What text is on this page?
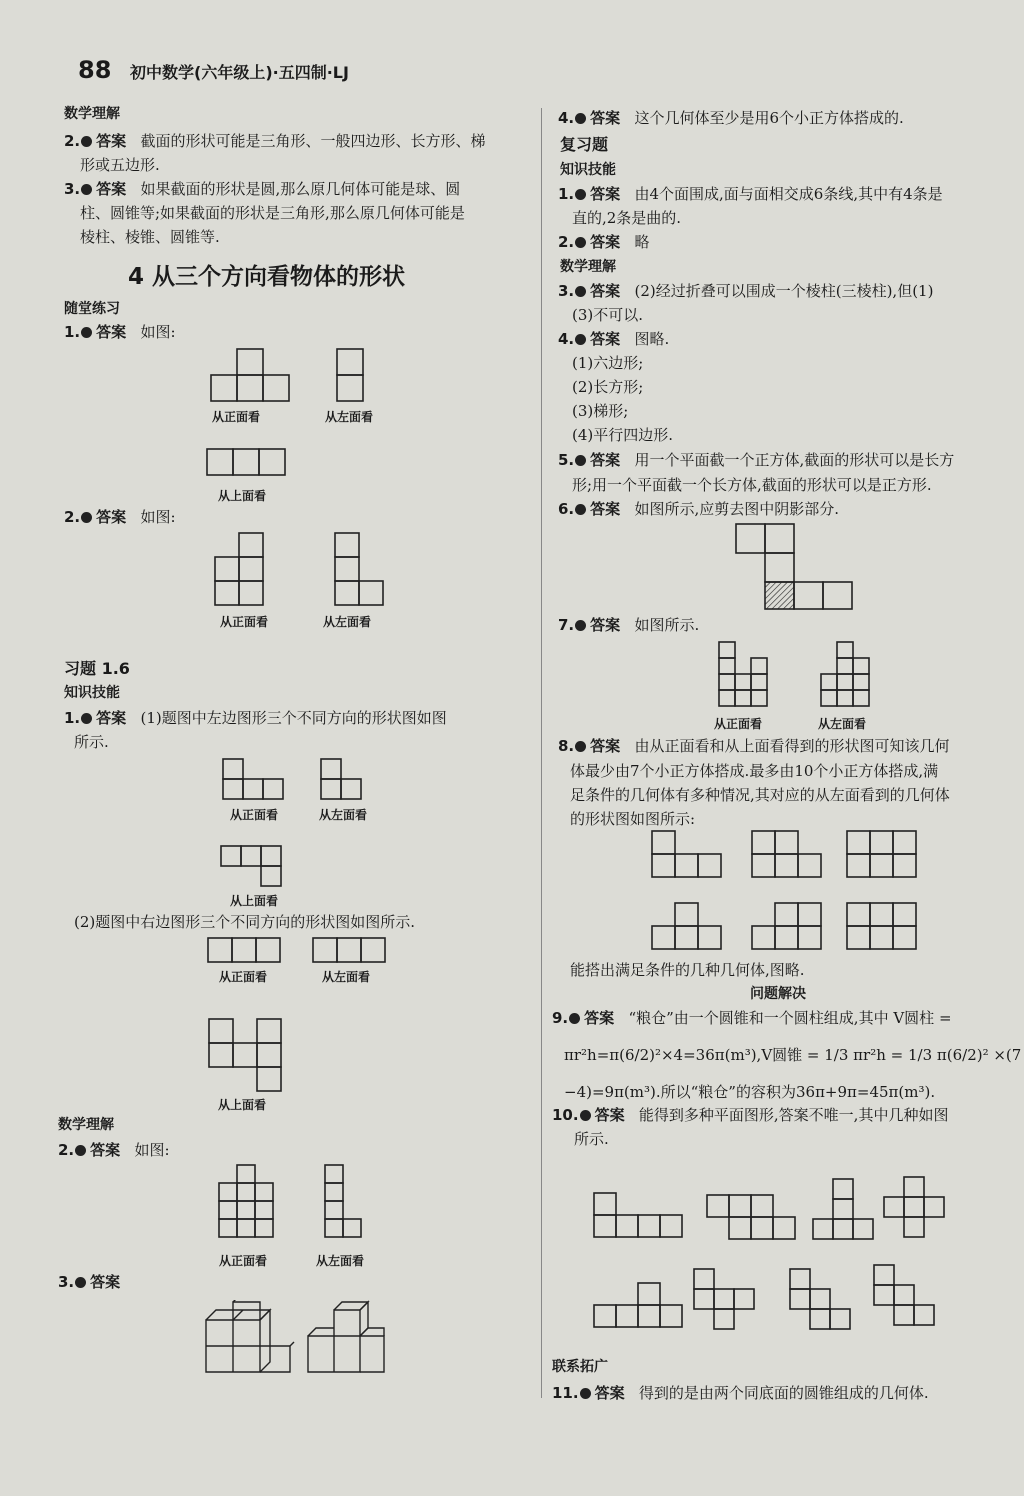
88 初中数学(六年级上)·五四制·LJ
数学理解
2. 答案 截面的形状可能是三角形、一般四边形、长方形、梯
形或五边形.
3. 答案 如果截面的形状是圆,那么原几何体可能是球、圆
柱、圆锥等;如果截面的形状是三角形,那么原几何体可能是
棱柱、棱锥、圆锥等.
4 从三个方向看物体的形状
随堂练习
1. 答案 如图:
从正面看	从左面看
从上面看
2. 答案 如图:
从正面看	从左面看
习题 1.6
知识技能
1. 答案 (1)题图中左边图形三个不同方向的形状图如图
所示.
从正面看	从左面看
从上面看
(2)题图中右边图形三个不同方向的形状图如图所示.
从正面看	从左面看
从上面看
数学理解
2. 答案 如图:
从正面看	从左面看
3. 答案
4. 答案 这个几何体至少是用6个小正方体搭成的.
复习题
知识技能
1. 答案 由4个面围成,面与面相交成6条线,其中有4条是
直的,2条是曲的.
2. 答案 略
数学理解
3. 答案 (2)经过折叠可以围成一个棱柱(三棱柱),但(1)
(3)不可以.
4. 答案 图略.
(1)六边形;
(2)长方形;
(3)梯形;
(4)平行四边形.
5. 答案 用一个平面截一个正方体,截面的形状可以是长方
形;用一个平面截一个长方体,截面的形状可以是正方形.
6. 答案 如图所示,应剪去图中阴影部分.
7. 答案 如图所示.
从正面看	从左面看
8. 答案 由从正面看和从上面看得到的形状图可知该几何
体最少由7个小正方体搭成.最多由10个小正方体搭成,满
足条件的几何体有多种情况,其对应的从左面看到的几何体
的形状图如图所示:
能搭出满足条件的几种几何体,图略.
问题解决
9. 答案 “粮仓”由一个圆锥和一个圆柱组成,其中 V圆柱 =
πr²h=π(6/2)²×4=36π(m³),V圆锥 = 1/3 πr²h = 1/3 π(6/2)² ×(7
−4)=9π(m³).所以“粮仓”的容积为36π+9π=45π(m³).
10. 答案 能得到多种平面图形,答案不唯一,其中几种如图
所示.
联系拓广
11. 答案 得到的是由两个同底面的圆锥组成的几何体.
